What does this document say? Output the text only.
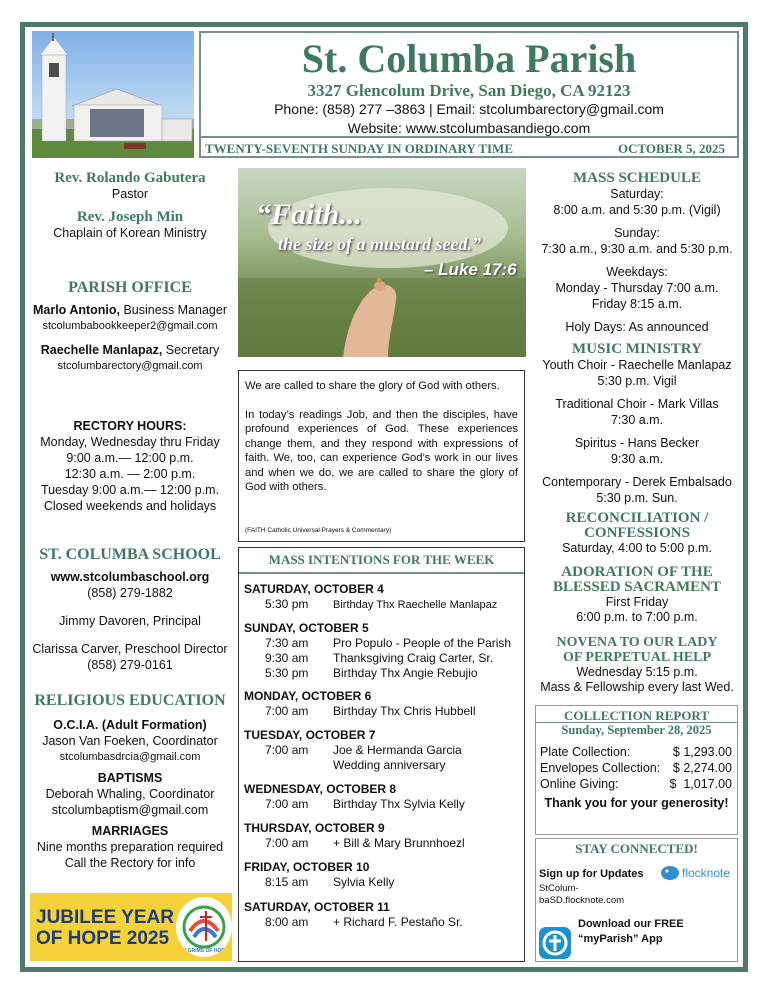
St. Columba Parish
3327 Glencolum Drive, San Diego, CA 92123
Phone: (858) 277 –3863 | Email: stcolumbarectory@gmail.com
Website: www.stcolumbasandiego.com
TWENTY-SEVENTH SUNDAY IN ORDINARY TIME	OCTOBER 5, 2025
Rev. Rolando Gabutera
Pastor
Rev. Joseph Min
Chaplain of Korean Ministry
PARISH OFFICE
Marlo Antonio, Business Manager
stcolumbabookkeeper2@gmail.com
Raechelle Manlapaz, Secretary
stcolumbarectory@gmail.com
RECTORY HOURS:
Monday, Wednesday thru Friday
9:00 a.m.— 12:00 p.m.
12:30 a.m. — 2:00 p.m.
Tuesday 9:00 a.m.— 12:00 p.m.
Closed weekends and holidays
ST. COLUMBA SCHOOL
www.stcolumbaschool.org
(858) 279-1882
Jimmy Davoren, Principal
Clarissa Carver, Preschool Director
(858) 279-0161
RELIGIOUS EDUCATION
O.C.I.A. (Adult Formation)
Jason Van Foeken, Coordinator
stcolumbasdrcia@gmail.com
BAPTISMS
Deborah Whaling, Coordinator
stcolumbaptism@gmail.com
MARRIAGES
Nine months preparation required
Call the Rectory for info
JUBILEE YEAR
OF HOPE 2025
PILGRIMS OF HOPE
“Faith...
the size of a mustard seed.”
– Luke 17:6

We are called to share the glory of God with others.

In today’s readings Job, and then the disciples, have profound experiences of God. These experiences change them, and they respond with expressions of faith. We, too, can experience God’s work in our lives and when we do, we are called to share the glory of God with others.

(FAITH Catholic Universal Prayers & Commentary)

MASS INTENTIONS FOR THE WEEK
SATURDAY, OCTOBER 4
5:30 pm Birthday Thx Raechelle Manlapaz
SUNDAY, OCTOBER 5
7:30 am Pro Populo - People of the Parish
9:30 am Thanksgiving Craig Carter, Sr.
5:30 pm Birthday Thx Angie Rebujio
MONDAY, OCTOBER 6
7:00 am Birthday Thx Chris Hubbell
TUESDAY, OCTOBER 7
7:00 am Joe & Hermanda Garcia
Wedding anniversary
WEDNESDAY, OCTOBER 8
7:00 am Birthday Thx Sylvia Kelly
THURSDAY, OCTOBER 9
7:00 am + Bill & Mary Brunnhoezl
FRIDAY, OCTOBER 10
8:15 am Sylvia Kelly
SATURDAY, OCTOBER 11
8:00 am + Richard F. Pestaño Sr.
MASS SCHEDULE
Saturday:
8:00 a.m. and 5:30 p.m. (Vigil)
Sunday:
7:30 a.m., 9:30 a.m. and 5:30 p.m.
Weekdays:
Monday - Thursday 7:00 a.m.
Friday 8:15 a.m.
Holy Days: As announced
MUSIC MINISTRY
Youth Choir - Raechelle Manlapaz
5:30 p.m. Vigil
Traditional Choir - Mark Villas
7:30 a.m.
Spiritus - Hans Becker
9:30 a.m.
Contemporary - Derek Embalsado
5:30 p.m. Sun.
RECONCILIATION /
CONFESSIONS
Saturday, 4:00 to 5:00 p.m.
ADORATION OF THE
BLESSED SACRAMENT
First Friday
6:00 p.m. to 7:00 p.m.
NOVENA TO OUR LADY
OF PERPETUAL HELP
Wednesday 5:15 p.m.
Mass & Fellowship every last Wed.
COLLECTION REPORT
Sunday, September 28, 2025
Plate Collection:	$ 1,293.00
Envelopes Collection: $ 2,274.00
Online Giving:	$  1,017.00
Thank you for your generosity!
STAY CONNECTED!
Sign up for Updates
StColum-
baSD.flocknote.com
flocknote
Download our FREE
“myParish” App
